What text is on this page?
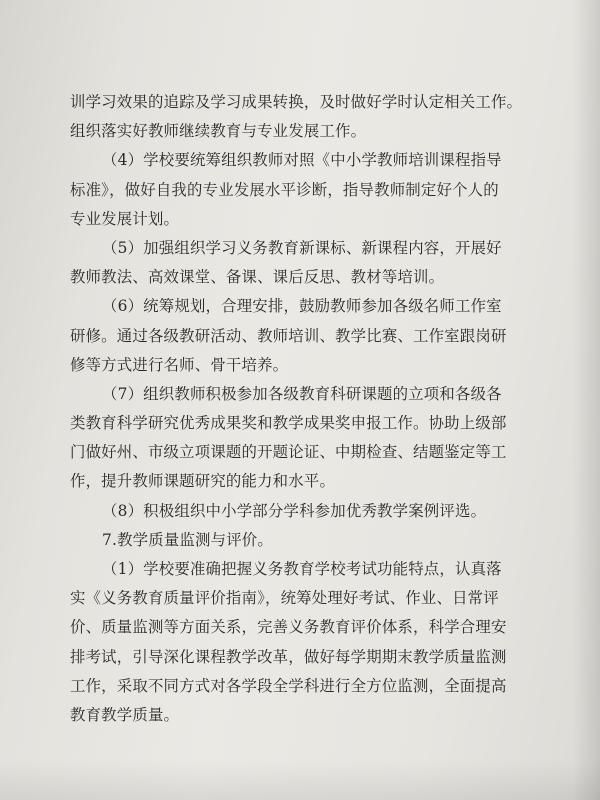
训学习效果的追踪及学习成果转换，及时做好学时认定相关工作。
组织落实好教师继续教育与专业发展工作。
（4）学校要统筹组织教师对照《中小学教师培训课程指导
标准》，做好自我的专业发展水平诊断，指导教师制定好个人的
专业发展计划。
（5）加强组织学习义务教育新课标、新课程内容，开展好
教师教法、高效课堂、备课、课后反思、教材等培训。
（6）统筹规划，合理安排，鼓励教师参加各级名师工作室
研修。通过各级教研活动、教师培训、教学比赛、工作室跟岗研
修等方式进行名师、骨干培养。
（7）组织教师积极参加各级教育科研课题的立项和各级各
类教育科学研究优秀成果奖和教学成果奖申报工作。协助上级部
门做好州、市级立项课题的开题论证、中期检查、结题鉴定等工
作，提升教师课题研究的能力和水平。
（8）积极组织中小学部分学科参加优秀教学案例评选。
7.教学质量监测与评价。
（1）学校要准确把握义务教育学校考试功能特点，认真落
实《义务教育质量评价指南》，统筹处理好考试、作业、日常评
价、质量监测等方面关系，完善义务教育评价体系，科学合理安
排考试，引导深化课程教学改革，做好每学期期末教学质量监测
工作，采取不同方式对各学段全学科进行全方位监测，全面提高
教育教学质量。
